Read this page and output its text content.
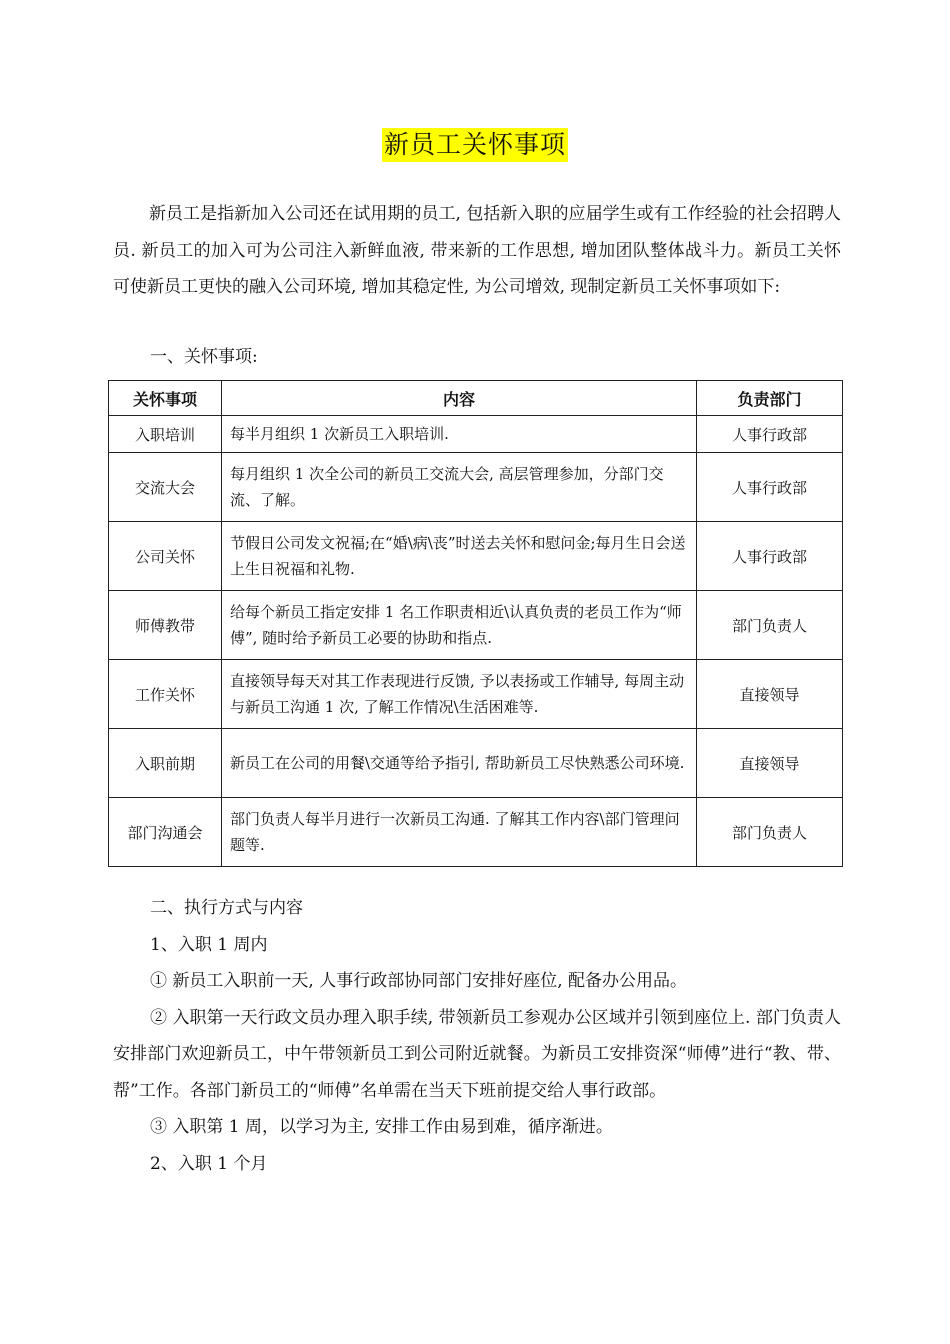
新员工关怀事项

新员工是指新加入公司还在试用期的员工, 包括新入职的应届学生或有工作经验的社会招聘人员. 新员工的加入可为公司注入新鲜血液, 带来新的工作思想, 增加团队整体战斗力。新员工关怀可使新员工更快的融入公司环境, 增加其稳定性, 为公司增效, 现制定新员工关怀事项如下:

一、关怀事项:

关怀事项	内容	负责部门
入职培训	每半月组织 1 次新员工入职培训.	人事行政部
交流大会	每月组织 1 次全公司的新员工交流大会, 高层管理参加，分部门交流、了解。	人事行政部
公司关怀	节假日公司发文祝福;在“婚\病\丧”时送去关怀和慰问金;每月生日会送上生日祝福和礼物.	人事行政部
师傅教带	给每个新员工指定安排 1 名工作职责相近\认真负责的老员工作为“师傅”, 随时给予新员工必要的协助和指点.	部门负责人
工作关怀	直接领导每天对其工作表现进行反馈, 予以表扬或工作辅导, 每周主动与新员工沟通 1 次, 了解工作情况\生活困难等.	直接领导
入职前期	新员工在公司的用餐\交通等给予指引, 帮助新员工尽快熟悉公司环境.	直接领导
部门沟通会	部门负责人每半月进行一次新员工沟通. 了解其工作内容\部门管理问题等.	部门负责人

二、执行方式与内容

1、入职 1 周内

① 新员工入职前一天, 人事行政部协同部门安排好座位, 配备办公用品。

② 入职第一天行政文员办理入职手续, 带领新员工参观办公区域并引领到座位上. 部门负责人安排部门欢迎新员工，中午带领新员工到公司附近就餐。为新员工安排资深“师傅”进行“教、带、帮”工作。各部门新员工的“师傅”名单需在当天下班前提交给人事行政部。

③ 入职第 1 周，以学习为主, 安排工作由易到难，循序渐进。

2、入职 1 个月
